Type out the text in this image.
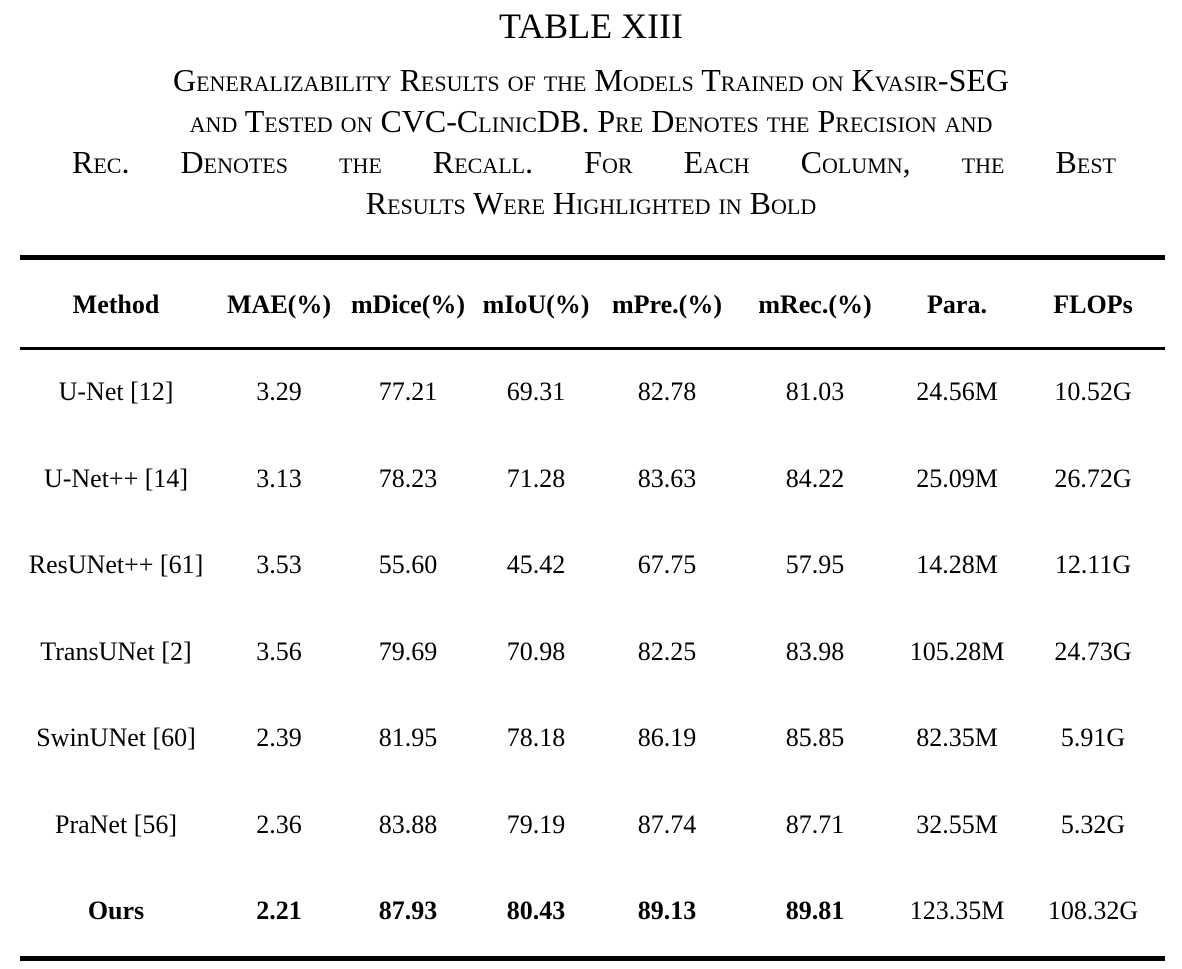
TABLE XIII
Generalizability Results of the Models Trained on Kvasir-SEG
and Tested on CVC-ClinicDB. Pre Denotes the Precision and
Rec. Denotes the Recall. For Each Column, the Best
Results Were Highlighted in Bold
Method	MAE(%) mDice(%) mIoU(%) mPre.(%) mRec.(%) Para.	FLOPs
U-Net [12]	3.29	77.21	69.31	82.78	81.03	24.56M 10.52G
U-Net++ [14]	3.13	78.23	71.28	83.63	84.22	25.09M 26.72G
ResUNet++ [61] 3.53	55.60	45.42	67.75	57.95	14.28M 12.11G
TransUNet [2] 3.56	79.69	70.98	82.25	83.98	105.28M 24.73G
SwinUNet [60] 2.39	81.95	78.18	86.19	85.85	82.35M 5.91G
PraNet [56]	2.36	83.88	79.19	87.74	87.71	32.55M 5.32G
Ours	2.21	87.93	80.43	89.13	89.81	123.35M 108.32G
